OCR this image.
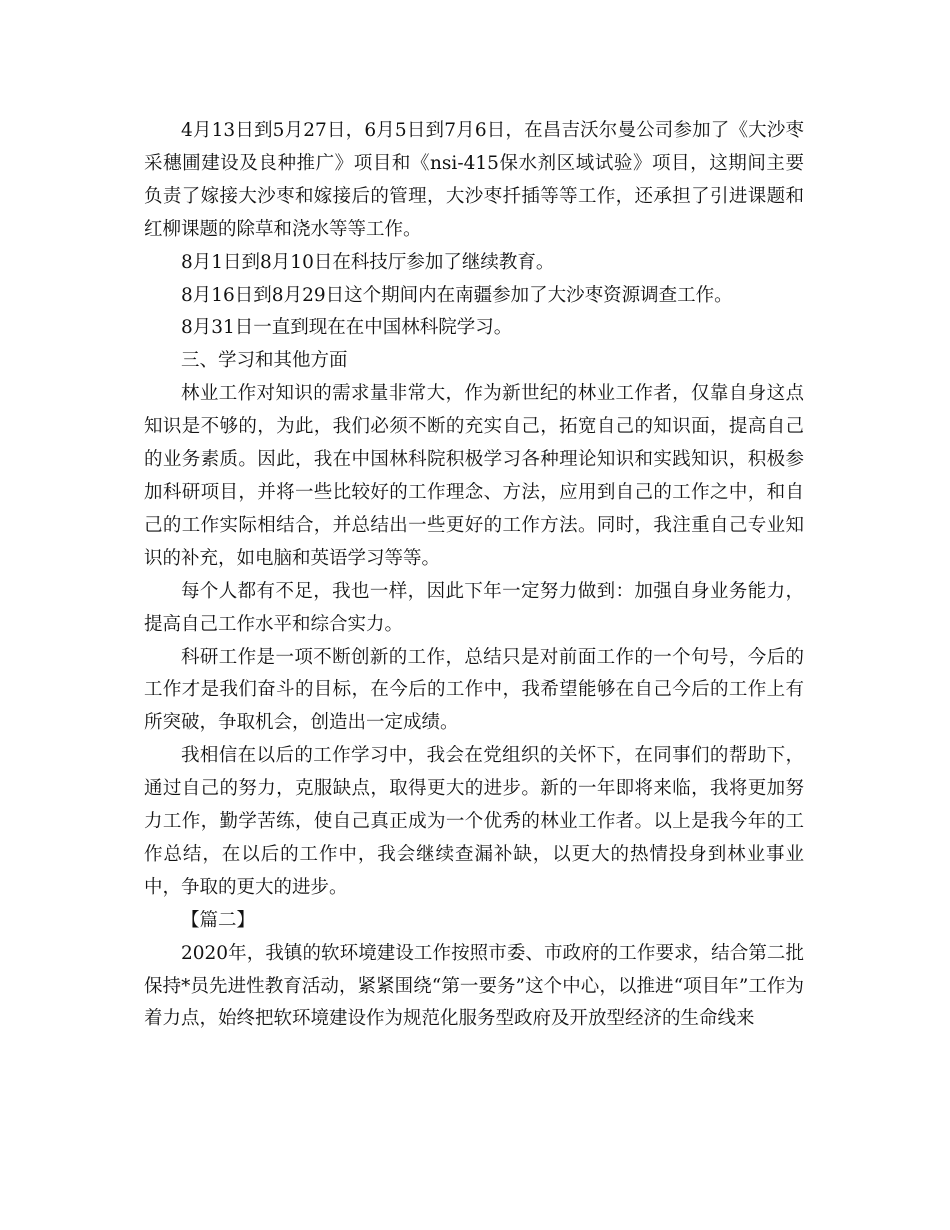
4月13日到5月27日，6月5日到7月6日，在昌吉沃尔曼公司参加了《大沙枣采穗圃建设及良种推广》项目和《nsi-415保水剂区域试验》项目，这期间主要负责了嫁接大沙枣和嫁接后的管理，大沙枣扦插等等工作，还承担了引进课题和红柳课题的除草和浇水等等工作。

8月1日到8月10日在科技厅参加了继续教育。

8月16日到8月29日这个期间内在南疆参加了大沙枣资源调查工作。

8月31日一直到现在在中国林科院学习。

三、学习和其他方面

林业工作对知识的需求量非常大，作为新世纪的林业工作者，仅靠自身这点知识是不够的，为此，我们必须不断的充实自己，拓宽自己的知识面，提高自己的业务素质。因此，我在中国林科院积极学习各种理论知识和实践知识，积极参加科研项目，并将一些比较好的工作理念、方法，应用到自己的工作之中，和自己的工作实际相结合，并总结出一些更好的工作方法。同时，我注重自己专业知识的补充，如电脑和英语学习等等。

每个人都有不足，我也一样，因此下年一定努力做到：加强自身业务能力，提高自己工作水平和综合实力。

科研工作是一项不断创新的工作，总结只是对前面工作的一个句号，今后的工作才是我们奋斗的目标，在今后的工作中，我希望能够在自己今后的工作上有所突破，争取机会，创造出一定成绩。

我相信在以后的工作学习中，我会在党组织的关怀下，在同事们的帮助下，通过自己的努力，克服缺点，取得更大的进步。新的一年即将来临，我将更加努力工作，勤学苦练，使自己真正成为一个优秀的林业工作者。以上是我今年的工作总结，在以后的工作中，我会继续查漏补缺，以更大的热情投身到林业事业中，争取的更大的进步。

【篇二】

2020年，我镇的软环境建设工作按照市委、市政府的工作要求，结合第二批保持*员先进性教育活动，紧紧围绕“第一要务”这个中心，以推进“项目年”工作为着力点，始终把软环境建设作为规范化服务型政府及开放型经济的生命线来
